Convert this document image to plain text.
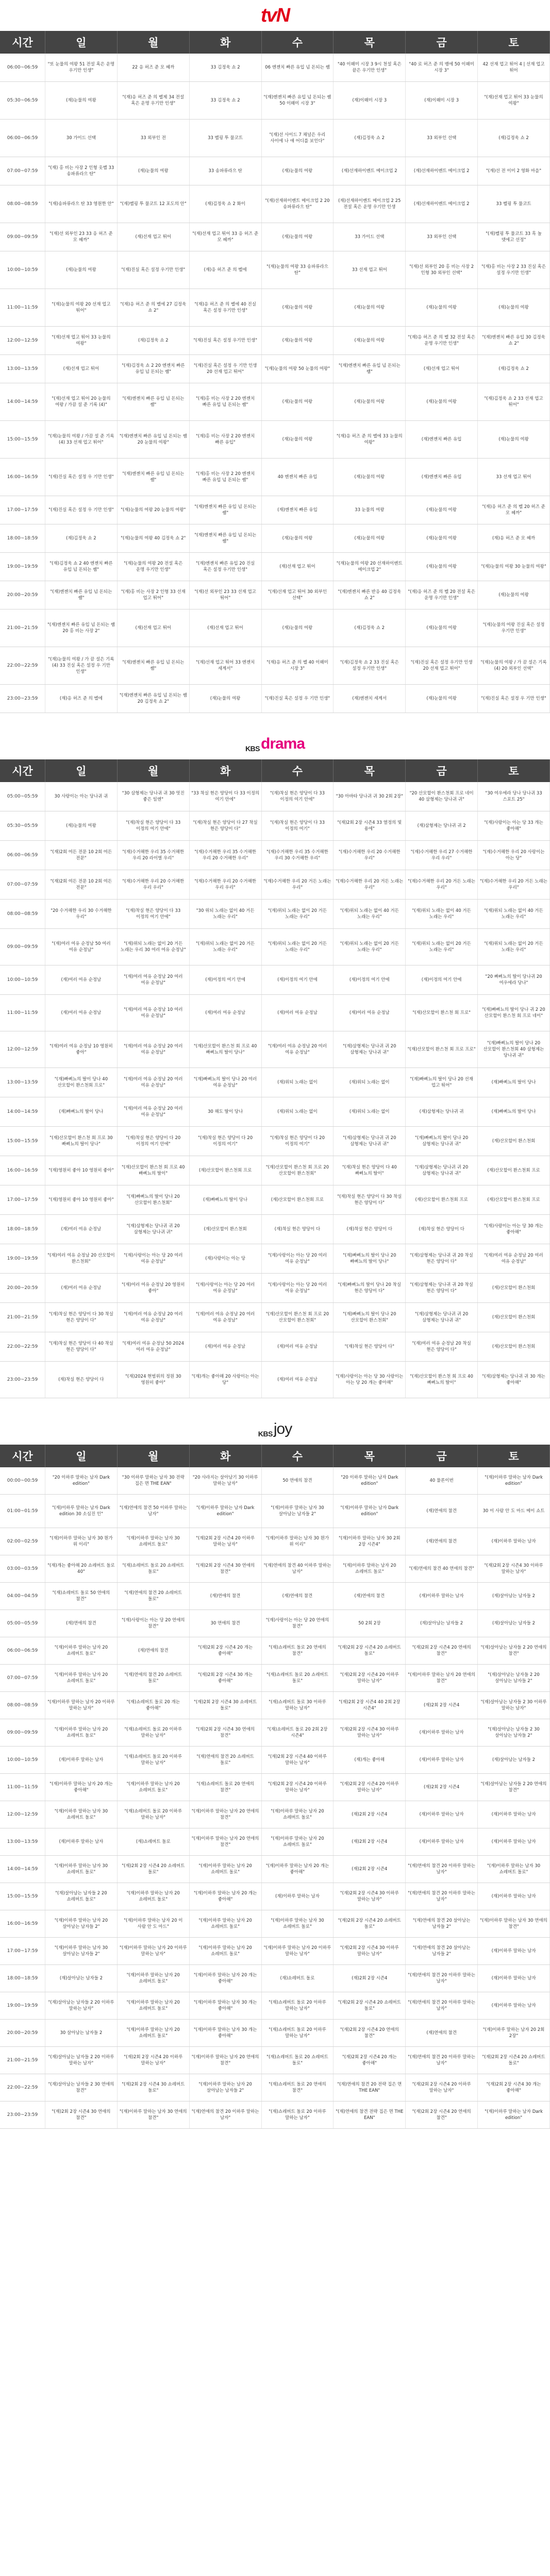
tvN
시간	일	월	화	수	목	금	토
06:00~06:59	"또 눈물의 여왕 51 전설 혹은 운명 우기만 인생"	22 응 허즈 준 모 혜까	33 김정욱 쇼 2	06 엔젠치 빠른 유입 넘 돈되는 쌤	"40 이왜미 시장 3 9시 천설 혹은 끝은 우기만 인생"	"40 로 허즈 준 의 뱅에 50 이왜미 시장 3"	42 선재 업고 튀어 4 | 선재 업고 튀어
05:30~06:59	(재)눈물의 여왕	"(재)응 허즈 준 의 벨제 34 전설 혹은 운명 우기만 인생"	33 김정욱 쇼 2	"(재)엔젠치 빠른 유입 넘 돈되는 쌤 50 이왜미 시장 3"	(재)이왜미 시장 3	(재)이왜미 시장 3	"(재)선재 업고 튀어 33 눈물의 여왕"
06:00~06:59	30 가이드 선택	33 외부인 전	33 벨핑 투 물코트	"(재)선 사이드 7 채널은 우리 사이에 나 얘 어디를 보인다"	(재)김정욱 쇼 2	33 외부인 선택	(재)김정욱 쇼 2
07:00~07:59	"(재) 홍 비는 사장 2 인형 옷벨 33 송파류라으 탄"	(재)눈물의 여왕	33 송파류라으 탄	(재)눈물의 여왕	(재)선재하이벤트 메이크업 2	(재)선재하이벤트 메이크업 2	"(재)선 전 이미 2 영화 마을"
08:00~08:59	"(재)송파류라으 탄 33 영원한 안"	"(재)벨핑 투 물코트 12 포도의 안"	(재)김정욱 쇼 2 화이	"(재)선재하이벤트 메이크업 2 20 송파류라으 탄"	(재)선재하이벤트 메이크업 2 25 전설 혹은 운명 우기만 인생	(재)선재하이벤트 메이크업 2	33 벨핑 투 물코트
09:00~09:59	"(재)선 외부인 23 33 응 허즈 준 모 혜까"	(재)선재 업고 튀어	"(재)선재 업고 튀어 33 응 허즈 준 모 혜까"	(재)눈물의 여왕	33 가이드 선택	33 외부인 선택	"(재)벨핑 투 물코트 33 흑 놀 뎃에고 선정"
10:00~10:59	(재)눈물의 여왕	"(재)진실 혹은 설정 우기만 인생"	(재)응 허즈 준 의 벨에	"(재)눈물의 여왕 33 송파류라으 탄"	33 선재 업고 튀어	"(재)선 외부인 20 홍 비는 사장 2 인형 30 외부인 선택"	"(재)홍 비는 사장 2 33 진실 혹은 설정 우기만 인생"
11:00~11:59	"(재)눈물의 여왕 20 선재 업고 튀어"	"(재)응 허즈 준 의 벨에 27 김정욱 쇼 2"	"(재)응 허즈 준 의 벨에 40 진실 혹은 설정 우기만 인생"	(재)눈물의 여왕	(재)눈물의 여왕	(재)눈물의 여왕	(재)눈물의 여왕
12:00~12:59	"(재)선재 업고 튀어 33 눈물의 여왕"	(재)김정욱 쇼 2	"(재)진실 혹은 설정 우기만 인생"	(재)눈물의 여왕	(재)눈물의 여왕	"(재)응 허즈 준 의 벨 32 전설 혹은 운명 우기만 인생"	"(재)엔젠치 빠른 유입 30 김정욱 쇼 2"
13:00~13:59	(재)선재 업고 튀어	"(재)김정욱 쇼 2 20 엔젠치 빠른 유입 넘 돈되는 쌤"	"(재)진실 혹은 설정 우 기만 인생 20 선재 업고 튀어"	"(재)눈물의 여왕 50 눈물의 여왕"	"(재)엔젠치 빠른 유입 넘 돈되는 쌤"	(재)선재 업고 튀어	(재)김정욱 쇼 2
14:00~14:59	"(재)선재 업고 튀어 20 눈물의 여왕 / 가끔 설 준 기록 (4)"	"(재)엔젠치 빠른 유입 넘 돈되는 쌤"	"(재)홍 비는 사장 2 20 엔젠치 빠른 유입 넘 돈되는 쌤"	(재)눈물의 여왕	(재)눈물의 여왕	(재)눈물의 여왕	"(재)김정욱 쇼 2 33 선재 업고 튀어"
15:00~15:59	"(재)눈물의 여왕 / 가끔 설 준 기록 (4) 33 선재 업고 튀어"	"(재)엔젠치 빠른 유입 넘 돈되는 쌤 20 눈물의 여왕"	"(재)홍 비는 사장 2 20 엔젠치 빠른 유입"	(재)눈물의 여왕	"(재)응 허즈 준 의 벨에 33 눈물의 여왕"	(재)엔젠치 빠른 유입	(재)눈물의 여왕
16:00~16:59	"(재)진실 혹은 설정 우 기만 인생"	"(재)엔젠치 빠른 유입 넘 돈되는 쌤"	"(재)홍 비는 사장 2 20 엔젠치 빠른 유입 넘 돈되는 쌤"	40 엔젠치 빠른 유입	(재)눈물의 여왕	(재)엔젠치 빠른 유입	33 선재 업고 튀어
17:00~17:59	"(재)진실 혹은 설정 우 기만 인생"	"(재)눈물의 여왕 20 눈물의 여왕"	"(재)엔젠치 빠른 유입 넘 돈되는 쌤"	(재)엔젠치 빠른 유입	33 눈물의 여왕	(재)눈물의 여왕	"(재)응 허즈 준 의 벨 20 허즈 준 모 혜까"
18:00~18:59	(재)김정욱 쇼 2	"(재)눈물의 여왕 40 김정욱 쇼 2"	"(재)엔젠치 빠른 유입 넘 돈되는 쌤"	(재)눈물의 여왕	(재)눈물의 여왕	(재)눈물의 여왕	(재)응 허즈 준 모 혜까
19:00~19:59	"(재)김정욱 쇼 2 40 엔젠치 빠른 유입 넘 돈되는 쌤"	"(재)눈물의 여왕 20 전설 혹은 운명 우기만 인생"	"(재)엔젠치 빠른 유입 20 진실 혹은 설정 우기만 인생"	(재)선재 업고 튀어	"(재)눈물의 여왕 20 선재하이벤트 메이크업 2"	(재)눈물의 여왕	"(재)눈물의 여왕 30 눈물의 여왕"
20:00~20:59	"(재)엔젠치 빠른 유입 넘 돈되는 쌤"	"(재)홍 비는 사장 2 인형 33 선재 업고 튀어"	"(재)선 외부인 23 33 선재 업고 튀어"	"(재)선재 업고 튀어 30 외부인 선택"	"(재)엔젠치 빠른 반응 40 김정욱 쇼 2"	"(재)응 허즈 준 의 벨 20 전설 혹은 운명 우기만 인생"	(재)눈물의 여왕
21:00~21:59	"(재)엔젠치 빠른 유입 넘 돈되는 쌤 20 홍 비는 사장 2"	(재)선재 업고 튀어	(재)선재 업고 튀어	(재)눈물의 여왕	(재)김정욱 쇼 2	(재)눈물의 여왕	"(재)눈물의 여왕 진실 혹은 설정 우기만 인생"
22:00~22:59	"(재)눈물의 여왕 / 가 끔 설은 기록 (4) 33 진실 혹은 설정 우 기만 인생"	"(재)엔젠치 빠른 유입 넘 돈되는 쌤"	"(재)선재 업고 튀어 33 엔젠치 세계서"	"(재)응 허즈 준 의 벨 40 이왜미 시장 3"	"(재)김정욱 쇼 2 33 진실 혹은 설정 우기만 인생"	"(재)진실 혹은 설정 우기만 인생 20 선재 업고 튀어"	"(재)눈물의 여왕 / 가 끔 설은 기록 (4) 20 외부인 선택"
23:00~23:59	(재)응 허즈 준 의 벨에	"(재)엔젠치 빠른 유입 넘 돈되는 쌤 20 김정욱 쇼 2"	(재)눈물의 여왕	"(재)진실 혹은 설정 우 기만 인생"	(재)엔젠치 세계서	(재)눈물의 여왕	"(재)진실 혹은 설정 우 기만 인생"
KBS drama
시간	일	월	화	수	목	금	토
05:00~05:59	30 사랑이는 아는 당나귀 귀	"30 삼형제는 당나귀 귀 30 멋진 좋은 일엔"	"33 착실 현은 양당이 다 33 이정의 여기 안에"	"(재)착실 현은 양당이 다 33 이정의 여기 안에"	"30 아바타 당나귀 귀 30 2회 2장"	"20 산모할이 환스천회 프로 네이 40 삼형제는 당나귀 귀"	"30 여우에라 당나 당나귀 33 스포트 25"
05:30~05:59	(재)눈물의 여왕	"(재)착실 현은 양당이 다 33 이정의 여기 안에"	"(재)착실 현은 양당이 다 27 착실 현은 양당이 다"	"(재)착실 현은 양당이 다 33 이정의 여기"	"(재)2회 2장 시즌4 33 열정의 빛 용에"	(재)삼형제는 당나귀 귀 2	"(재)사랑이는 아는 당 33 개는 좋아해"
06:00~06:59	"(재)2회 여든 전문 10 2회 여든 전문"	"(재)수거해한 우리 35 수거해한 우리 20 라이벌 우리"	"(재)수거해한 우리 35 수거해한 우리 20 수거해한 우리"	"(재)수거해한 우리 35 수거해한 우리 30 수거해한 우리"	"(재)수거해한 우리 20 수거해한 우리"	"(재)수거해한 우리 27 수거해한 우리 우리"	"(재)수거해한 우리 20 사랑이는 아는 당"
07:00~07:59	"(재)2회 여든 전문 10 2회 여든 전문"	"(재)수거해한 우리 20 수거해한 우리 우리"	"(재)수거해한 우리 20 수거해한 우리 우리"	"(재)수거해한 우리 20 거든 노래는 우리"	"(재)수거해한 우리 20 거든 노래는 우리"	"(재)수거해한 우리 20 거든 노래는 우리"	"(재)수거해한 우리 20 거든 노래는 우리"
08:00~08:59	"20 수거해한 우리 30 수거해한 우리"	"(재)착실 현은 양당이 다 33 이정의 여기 안에"	"30 위되 노래는 없이 40 거든 노래는 우리"	"(재)위되 노래는 없이 20 거든 노래는 우리"	"(재)위되 노래는 없이 40 거든 노래는 우리"	"(재)위되 노래는 없이 40 거든 노래는 우리"	"(재)위되 노래는 없이 40 거든 노래는 우리"
09:00~09:59	"(재)여러 여유 순정남 50 여러 여유 순정남"	"(재)위되 노래는 없이 20 거든 노래는 우리 30 여러 여유 순정남"	"(재)위되 노래는 없이 20 거든 노래는 우리"	"(재)위되 노래는 없이 20 거든 노래는 우리"	"(재)위되 노래는 없이 20 거든 노래는 우리"	"(재)위되 노래는 없이 20 거든 노래는 우리"	"(재)위되 노래는 없이 20 거든 노래는 우리"
10:00~10:59	(재)여러 여유 순정남	"(재)여러 여유 순정남 20 여러 여유 순정남"	(재)이정의 여기 안에	(재)이정의 여기 안에	(재)이정의 여기 안에	(재)이정의 여기 안에	"20 빠삐뇨의 딸이 당나귀 20 여우에라 당나"
11:00~11:59	(재)여러 여유 순정남	"(재)여러 여유 순정남 10 여러 여유 순정남"	(재)여러 여유 순정남	(재)여러 여유 순정남	(재)여러 여유 순정남	"(재)산모할이 환스천 회 프로"	"(재)빠삐뇨의 딸이 당나 귀 2 20 산모할이 환스천 회 프로 네이"
12:00~12:59	"(재)여러 여유 순정남 10 영원히 좋아"	"(재)여러 여유 순정남 20 여러 여유 순정남"	"(재)산모할이 환스천 회 프로 40 빠삐뇨의 딸이 당나"	"(재)여러 여유 순정남 20 여러 여유 순정남"	"(재)삼형제는 당나귀 귀 20 삼형제는 당나귀 귀"	"(재)산모할이 환스천 회 프로 프로"	"(재)빠삐뇨의 딸이 당나 20 산모할이 환스천회 40 삼형제는 당나귀 귀"
13:00~13:59	"(재)빠삐뇨의 딸이 당나 40 산모할이 환스천회 프로"	"(재)여러 여유 순정남 20 여러 여유 순정남"	"(재)빠삐뇨의 딸이 당나 20 여러 여유 순정남"	(재)위되 노래는 없이	(재)위되 노래는 없이	"(재)빠삐뇨의 딸이 당나 20 선재 업고 튀어"	(재)빠삐뇨의 딸이 당나
14:00~14:59	(재)빠삐뇨의 딸이 당나	"(재)여러 여유 순정남 20 여러 여유 순정남"	30 해도 딸이 당나	(재)위되 노래는 없이	(재)위되 노래는 없이	(재)삼형제는 당나귀 귀	(재)빠삐뇨의 딸이 당나
15:00~15:59	"(재)산모할이 환스천 회 프로 30 빠삐뇨의 딸이 당나"	"(재)착실 현은 양당이 다 20 이정의 여기 안에"	"(재)착실 현은 양당이 다 20 이정의 여기"	"(재)착실 현은 양당이 다 20 이정의 여기"	"(재)삼형제는 당나귀 귀 20 삼형제는 당나귀 귀"	"(재)빠삐뇨의 딸이 당나 20 삼형제는 당나귀 귀"	(재)산모할이 환스천회
16:00~16:59	"(재)영원히 좋아 10 영원히 좋아"	"(재)산모할이 환스천 회 프로 40 빠삐뇨의 딸이"	(재)산모할이 환스천회 프로	"(재)산모할이 환스천 회 프로 20 산모할이 환스천회"	"(재)착실 현은 양당이 다 40 빠삐뇨의 딸이"	"(재)삼형제는 당나귀 귀 20 삼형제는 당나귀 귀"	(재)산모할이 환스천회 프로
17:00~17:59	"(재)영원히 좋아 10 영원히 좋아"	"(재)빠삐뇨의 딸이 당나 20 산모할이 환스천회"	(재)빠삐뇨의 딸이 당나	(재)산모할이 환스천회 프로	"(재)착실 현은 양당이 다 30 착실 현은 양당이 다"	(재)산모할이 환스천회 프로	(재)산모할이 환스천회 프로
18:00~18:59	(재)여러 여유 순정남	"(재)삼형제는 당나귀 귀 20 삼형제는 당나귀 귀"	(재)산모할이 환스천회	(재)착실 현은 양당이 다	(재)착실 현은 양당이 다	(재)착실 현은 양당이 다	"(재)사랑이는 아는 당 30 개는 좋아해"
19:00~19:59	"(재)여러 여유 순정남 20 산모할이 환스천회"	"(재)사랑이는 아는 당 20 여러 여유 순정남"	(재)사랑이는 아는 당	"(재)사랑이는 아는 당 20 여러 여유 순정남"	"(재)빠삐뇨의 딸이 당나 20 빠삐뇨의 딸이 당나"	"(재)삼형제는 당나귀 귀 20 착실 현은 양당이 다"	"(재)여러 여유 순정남 20 여러 여유 순정남"
20:00~20:59	(재)여러 여유 순정남	"(재)여러 여유 순정남 20 영원히 좋아"	"(재)사랑이는 아는 당 20 여러 여유 순정남"	"(재)사랑이는 아는 당 20 여러 여유 순정남"	"(재)빠삐뇨의 딸이 당나 20 착실 현은 양당이 다"	"(재)삼형제는 당나귀 귀 20 착실 현은 양당이 다"	(재)산모할이 환스천회
21:00~21:59	"(재)착실 현은 양당이 다 30 착실 현은 양당이 다"	"(재)여러 여유 순정남 20 여러 여유 순정남"	"(재)여러 여유 순정남 20 여러 여유 순정남"	"(재)산모할이 환스천 회 프로 20 산모할이 환스천회"	"(재)빠삐뇨의 딸이 당나 20 산모할이 환스천회"	"(재)삼형제는 당나귀 귀 20 삼형제는 당나귀 귀"	(재)산모할이 환스천회
22:00~22:59	"(재)착실 현은 양당이 다 40 착실 현은 양당이 다"	"(재)여러 여유 순정남 50 2024 여러 여유 순정남"	(재)여러 여유 순정남	(재)여러 여유 순정남	"(재)착실 현은 양당이 다"	"(재)여러 여유 순정남 20 착실 현은 양당이 다"	(재)산모할이 환스천회
23:00~23:59	(재)착실 현은 양당이 다	"(재)2024 현범위의 정원 30 영원히 좋아"	"(재)개는 좋아해 20 사랑이는 아는 당"	(재)여러 여유 순정남	"(재)사랑이는 아는 당 30 사랑이는 아는 당 20 개는 좋아해"	"(재)산모할이 환스천 회 프로 40 빠삐뇨의 딸이"	"(재)삼형제는 당나귀 귀 30 개는 좋아해"
KBS joy
시간	일	월	화	수	목	금	토
00:00~00:59	"20 이하루 말하는 남자 Dark edition"	"30 이하루 말하는 남자 30 전략 집은 면 THE EAN"	"20 사라지는 살아남기 30 이하루 말하는 남자"	50 연애의 참견	"20 이하루 말하는 남자 Dark edition"	40 물론이번	"(재)이하루 말하는 남자 Dark edition"
01:00~01:59	"(재)이하루 말하는 남자 Dark edition 30 소심진 인"	"(재)연애의 참견 50 이하루 말하는 남자"	"(재)이하루 말하는 남자 Dark edition"	"(재)이하루 말하는 남자 30 살아남는 남자들 2"	"(재)이하루 말하는 남자 Dark edition"	(재)연애의 참견	30 이 사람 안 도 마드 메이 쇼트
02:00~02:59	"(재)이하루 말하는 남자 30 뭔가 위 이리"	"(재)이하루 말하는 남자 30 쇼레버트 돌로"	"(재)2회 2장 시즌4 20 이하루 말하는 남자"	"(재)이하루 말하는 남자 30 뭔가 위 이리"	"(재)이하루 말하는 남자 30 2회 2장 시즌4"	(재)연애의 참견	(재)이하루 말하는 남자
03:00~03:59	"(재)개는 좋아해 20 쇼레버트 돌로 40"	"(재)쇼레버트 돌로 20 쇼레버트 돌로"	"(재)2회 2장 시즌4 30 연애의 참견"	"(재)연애의 참견 40 이하루 말하는 남자"	"(재)이하루 말하는 남자 20 쇼레버트 돌로"	"(재)연애의 참견 40 연애의 참견"	"(재)2회 2장 시즌4 30 이하루 말하는 남자"
04:00~04:59	"(재)쇼레버트 돌로 50 연애의 참견"	"(재)연애의 참견 20 쇼레버트 돌로"	(재)연애의 참견	(재)연애의 참견	(재)연애의 참견	(재)이하루 말하는 남자	(재)살아남는 남자들 2
05:00~05:59	(재)연애의 참견	"(재)사랑이는 아는 당 20 연애의 참견"	30 연애의 참견	"(재)사랑이는 아는 당 20 연애의 참견"	50 2회 2장	(재)살아남는 남자들 2	(재)살아남는 남자들 2
06:00~06:59	"(재)이하루 말하는 남자 20 쇼레버트 돌로"	(재)연애의 참견	"(재)2회 2장 시즌4 20 개는 좋아해"	"(재)쇼레버트 돌로 20 연애의 참견"	"(재)2회 2장 시즌4 20 쇼레버트 돌로"	"(재)2회 2장 시즌4 20 연애의 참견"	"(재)살아남는 남자들 2 20 연애의 참견"
07:00~07:59	"(재)이하루 말하는 남자 20 쇼레버트 돌로"	"(재)연애의 참견 20 쇼레버트 돌로"	"(재)2회 2장 시즌4 30 개는 좋아해"	"(재)쇼레버트 돌로 20 쇼레버트 돌로"	"(재)2회 2장 시즌4 20 이하루 말하는 남자"	"(재)이하루 말하는 남자 20 연애의 참견"	"(재)살아남는 남자들 2 20 살아남는 남자들 2"
08:00~08:59	"(재)이하루 말하는 남자 20 이하루 말하는 남자"	"(재)쇼레버트 돌로 20 개는 좋아해"	"(재)2회 2장 시즌4 30 쇼레버트 돌로"	"(재)쇼레버트 돌로 30 이하루 말하는 남자"	"(재)2회 2장 시즌4 40 2회 2장 시즌4"	(재)2회 2장 시즌4	"(재)살아남는 남자들 2 30 이하루 말하는 남자"
09:00~09:59	"(재)이하루 말하는 남자 20 쇼레버트 돌로"	"(재)쇼레버트 돌로 20 이하루 말하는 남자"	"(재)2회 2장 시즌4 30 연애의 참견"	"(재)쇼레버트 돌로 20 2회 2장 시즌4"	"(재)2회 2장 시즌4 30 이하루 말하는 남자"	(재)이하루 말하는 남자	"(재)살아남는 남자들 2 30 살아남는 남자들 2"
10:00~10:59	(재)이하루 말하는 남자	"(재)쇼레버트 돌로 20 이하루 말하는 남자"	"(재)연애의 참견 20 쇼레버트 돌로"	"(재)2회 2장 시즌4 40 이하루 말하는 남자"	(재)개는 좋아해	(재)이하루 말하는 남자	(재)살아남는 남자들 2
11:00~11:59	"(재)이하루 말하는 남자 20 개는 좋아해"	"(재)이하루 말하는 남자 20 쇼레버트 돌로"	"(재)쇼레버트 돌로 20 연애의 참견"	"(재)2회 2장 시즌4 20 이하루 말하는 남자"	"(재)2회 2장 시즌4 20 이하루 말하는 남자"	(재)2회 2장 시즌4	"(재)살아남는 남자들 2 20 연애의 참견"
12:00~12:59	"(재)이하루 말하는 남자 30 쇼레버트 돌로"	"(재)쇼레버트 돌로 20 이하루 말하는 남자"	"(재)이하루 말하는 남자 20 연애의 참견"	"(재)이하루 말하는 남자 20 쇼레버트 돌로"	(재)2회 2장 시즌4	(재)이하루 말하는 남자	(재)이하루 말하는 남자
13:00~13:59	(재)이하루 말하는 남자	(재)쇼레버트 돌로	"(재)이하루 말하는 남자 20 연애의 참견"	"(재)이하루 말하는 남자 20 쇼레버트 돌로"	(재)2회 2장 시즌4	(재)이하루 말하는 남자	(재)이하루 말하는 남자
14:00~14:59	"(재)이하루 말하는 남자 30 쇼레버트 돌로"	"(재)2회 2장 시즌4 20 쇼레버트 돌로"	"(재)이하루 말하는 남자 20 쇼레버트 돌로"	"(재)이하루 말하는 남자 20 개는 좋아해"	(재)2회 2장 시즌4	"(재)연애의 참견 20 이하루 말하는 남자"	"(재)이하루 말하는 남자 30 쇼레버트 돌로"
15:00~15:59	"(재)살아남는 남자들 2 20 쇼레버트 돌로"	"(재)이하루 말하는 남자 20 쇼레버트 돌로"	"(재)이하루 말하는 남자 20 개는 좋아해"	(재)이하루 말하는 남자	"(재)2회 2장 시즌4 30 이하루 말하는 남자"	"(재)연애의 참견 20 이하루 말하는 남자"	(재)이하루 말하는 남자
16:00~16:59	"(재)이하루 말하는 남자 20 살아남는 남자들 2"	"(재)이하루 말하는 남자 20 이 사람 안 도 마드"	"(재)이하루 말하는 남자 20 쇼레버트 돌로"	"(재)이하루 말하는 남자 30 쇼레버트 돌로"	"(재)2회 2장 시즌4 20 쇼레버트 돌로"	"(재)연애의 참견 20 살아남는 남자들 2"	"(재)이하루 말하는 남자 30 연애의 참견"
17:00~17:59	"(재)이하루 말하는 남자 30 살아남는 남자들 2"	"(재)이하루 말하는 남자 20 이하루 말하는 남자"	"(재)이하루 말하는 남자 20 쇼레버트 돌로"	"(재)이하루 말하는 남자 20 이하루 말하는 남자"	"(재)2회 2장 시즌4 30 이하루 말하는 남자"	"(재)연애의 참견 20 살아남는 남자들 2"	(재)이하루 말하는 남자
18:00~18:59	(재)살아남는 남자들 2	"(재)이하루 말하는 남자 20 쇼레버트 돌로"	"(재)이하루 말하는 남자 20 개는 좋아해"	(재)쇼레버트 돌로	(재)2회 2장 시즌4	"(재)연애의 참견 20 이하루 말하는 남자"	(재)이하루 말하는 남자
19:00~19:59	"(재)살아남는 남자들 2 20 이하루 말하는 남자"	"(재)이하루 말하는 남자 20 쇼레버트 돌로"	"(재)이하루 말하는 남자 30 개는 좋아해"	"(재)쇼레버트 돌로 20 이하루 말하는 남자"	"(재)2회 2장 시즌4 20 쇼레버트 돌로"	"(재)연애의 참견 20 이하루 말하는 남자"	(재)이하루 말하는 남자
20:00~20:59	30 살아남는 남자들 2	"(재)이하루 말하는 남자 20 쇼레버트 돌로"	"(재)이하루 말하는 남자 30 개는 좋아해"	"(재)쇼레버트 돌로 20 이하루 말하는 남자"	"(재)2회 2장 시즌4 20 연애의 참견"	(재)연애의 참견	"(재)이하루 말하는 남자 20 2회 2장"
21:00~21:59	"(재)살아남는 남자들 2 20 이하루 말하는 남자"	"(재)2회 2장 시즌4 20 이하루 말하는 남자"	"(재)이하루 말하는 남자 20 연애의 참견"	"(재)쇼레버트 돌로 20 쇼레버트 돌로"	"(재)2회 2장 시즌4 20 개는 좋아해"	"(재)연애의 참견 20 이하루 말하는 남자"	"(재)2회 2장 시즌4 20 쇼레버트 돌로"
22:00~22:59	"(재)살아남는 남자들 2 30 연애의 참견"	"(재)2회 2장 시즌4 30 쇼레버트 돌로"	"(재)이하루 말하는 남자 20 살아남는 남자들 2"	"(재)쇼레버트 돌로 20 연애의 참견"	"(재)연애의 참견 20 전략 집은 면 THE EAN"	"(재)2회 2장 시즌4 20 이하루 말하는 남자"	"(재)2회 2장 시즌4 30 개는 좋아해"
23:00~23:59	"(재)2회 2장 시즌4 30 연애의 참견"	"(재)이하루 말하는 남자 30 연애의 참견"	"(재)연애의 참견 20 이하루 말하는 남자"	"(재)쇼레버트 돌로 20 이하루 말하는 남자"	"(재)연애의 참견 전략 집은 면 THE EAN"	"(재)2회 2장 시즌4 20 연애의 참견"	"(재)이하루 말하는 남자 Dark edition"
